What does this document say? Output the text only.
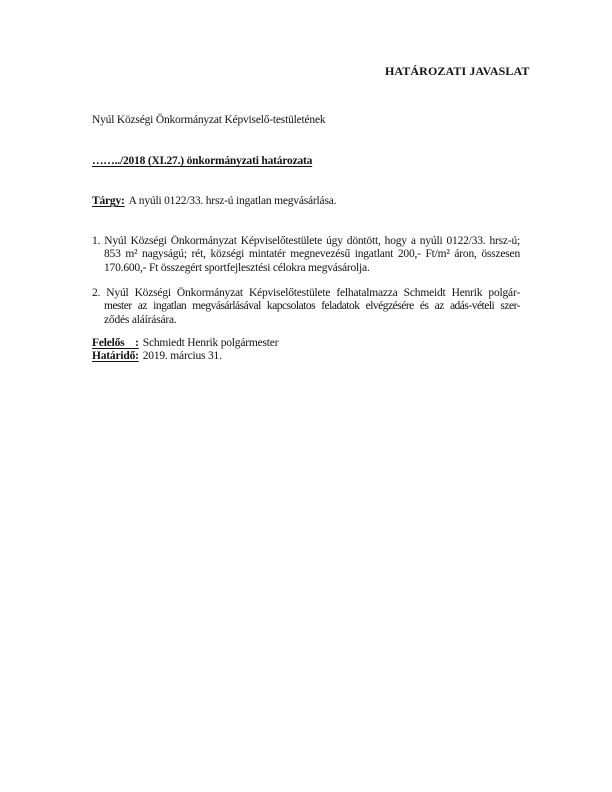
HATÁROZATI JAVASLAT
Nyúl Községi Önkormányzat Képviselő-testületének
……../2018 (XI.27.) önkormányzati határozata
Tárgy: A nyúli 0122/33. hrsz-ú ingatlan megvásárlása.
1. Nyúl Községi Önkormányzat Képviselőtestülete úgy döntött, hogy a nyúli 0122/33. hrsz-ú;
853 m² nagyságú; rét, községi mintatér megnevezésű ingatlant 200,- Ft/m² áron, összesen
170.600,- Ft összegért sportfejlesztési célokra megvásárolja.
2. Nyúl Községi Önkormányzat Képviselőtestülete felhatalmazza Schmeidt Henrik polgár-
mester az ingatlan megvásárlásával kapcsolatos feladatok elvégzésére és az adás-vételi szer-
ződés aláírására.
Felelős    : Schmiedt Henrik polgármester
Határidő: 2019. március 31.
